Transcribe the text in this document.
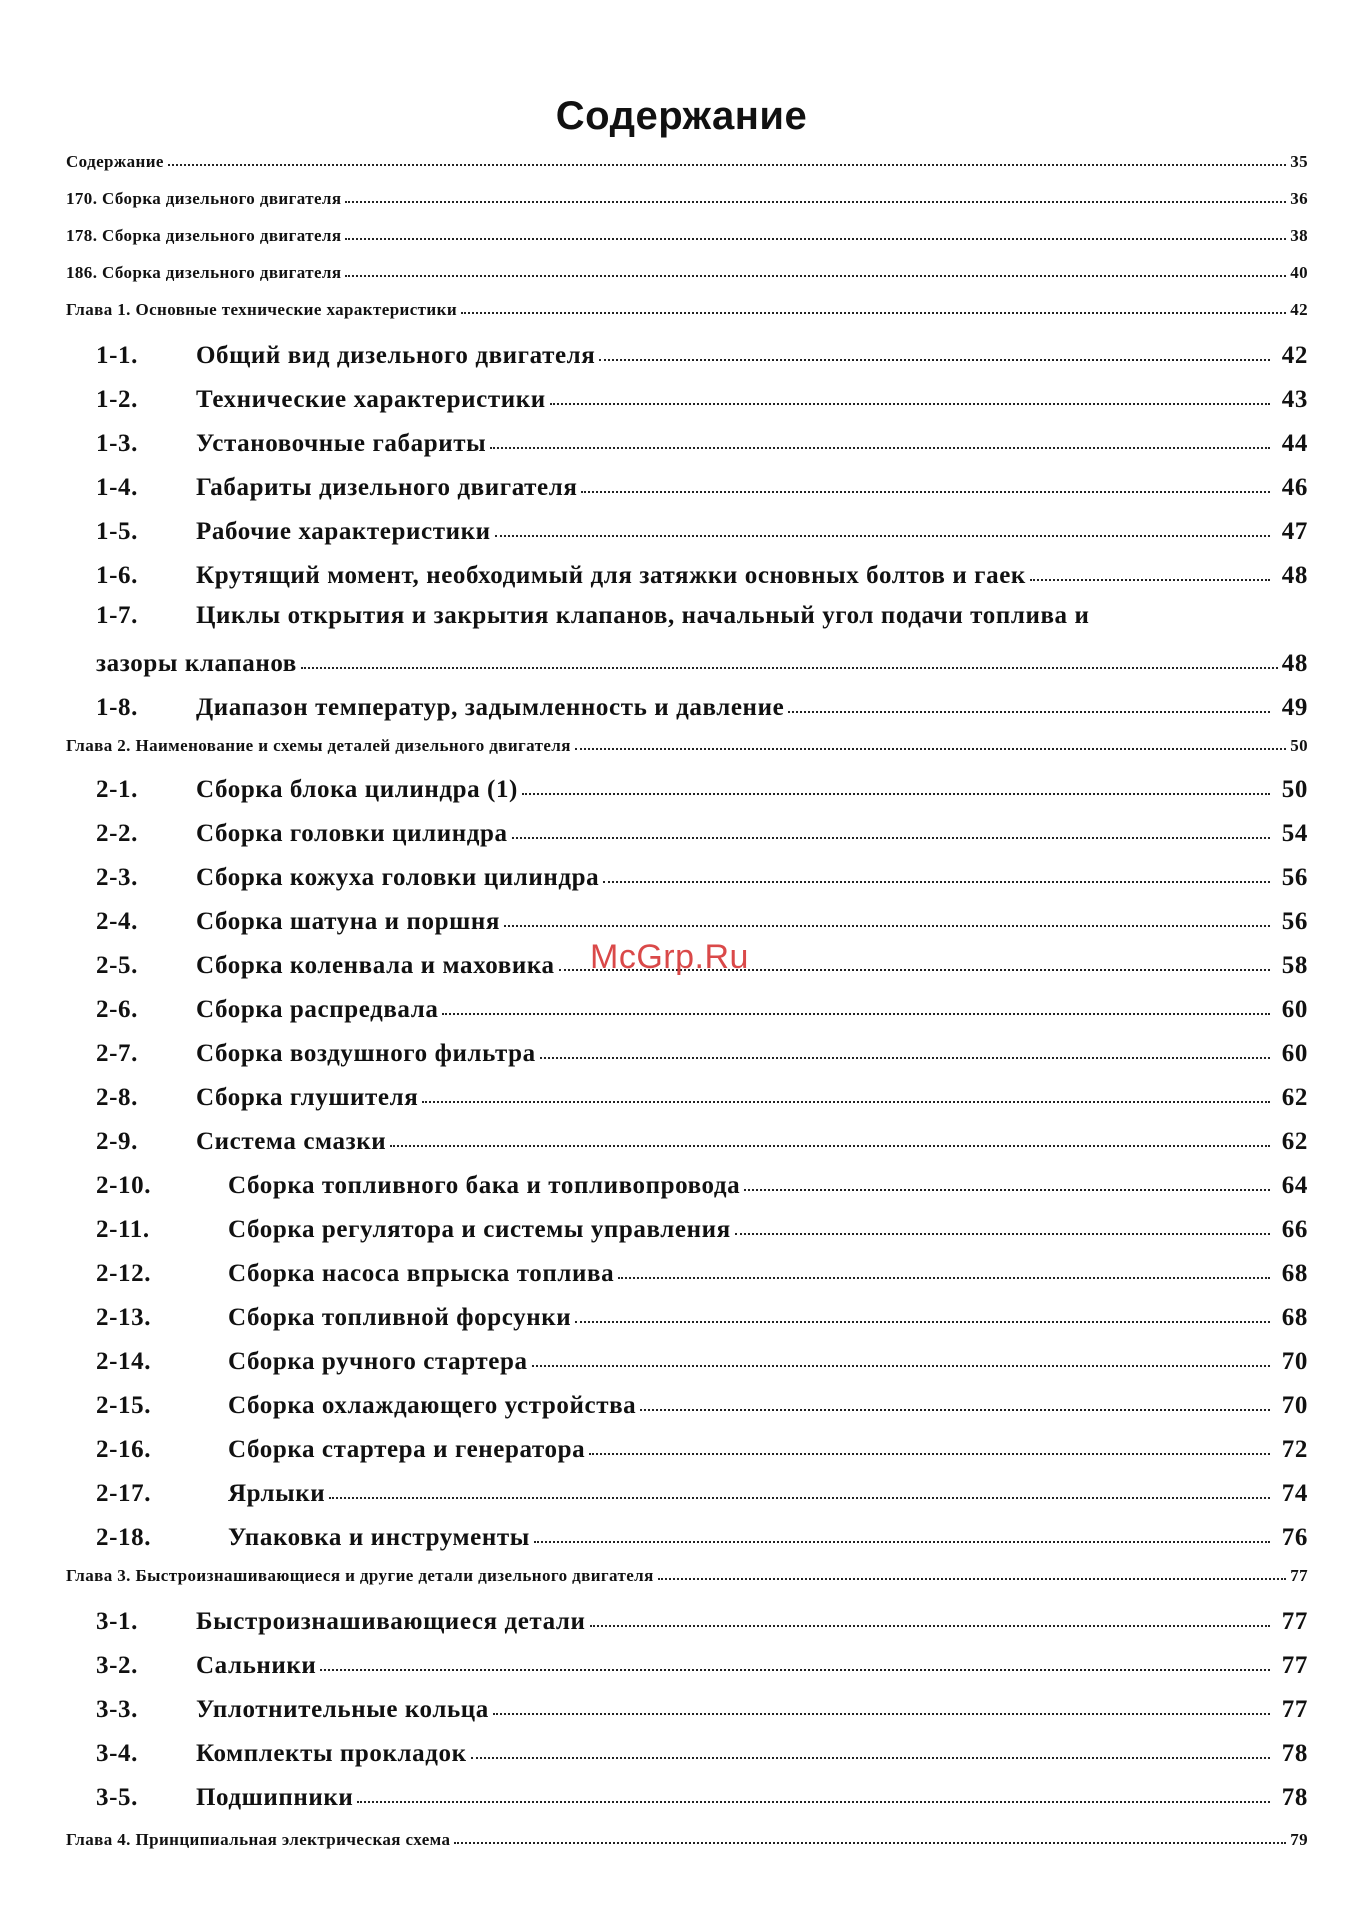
Содержание
Содержание	35
170. Сборка дизельного двигателя	36
178. Сборка дизельного двигателя	38
186. Сборка дизельного двигателя	40
Глава 1. Основные технические характеристики	42
1-1.	Общий вид дизельного двигателя	42
1-2.	Технические характеристики	43
1-3.	Установочные габариты	44
1-4.	Габариты дизельного двигателя	46
1-5.	Рабочие характеристики	47
1-6.	Крутящий момент, необходимый для затяжки основных болтов и гаек	48
1-7.	Циклы открытия и закрытия клапанов, начальный угол подачи топлива и
зазоры клапанов	48
1-8.	Диапазон температур, задымленность и давление	49
Глава 2. Наименование и схемы деталей дизельного двигателя	50
2-1.	Сборка блока цилиндра (1)	50
2-2.	Сборка головки цилиндра	54
2-3.	Сборка кожуха головки цилиндра	56
2-4.	Сборка шатуна и поршня	56
2-5.	Сборка коленвала и маховика	58
2-6.	Сборка распредвала	60
2-7.	Сборка воздушного фильтра	60
2-8.	Сборка глушителя	62
2-9.	Система смазки	62
2-10.	Сборка топливного бака и топливопровода	64
2-11.	Сборка регулятора и системы управления	66
2-12.	Сборка насоса впрыска топлива	68
2-13.	Сборка топливной форсунки	68
2-14.	Сборка ручного стартера	70
2-15.	Сборка охлаждающего устройства	70
2-16.	Сборка стартера и генератора	72
2-17.	Ярлыки	74
2-18.	Упаковка и инструменты	76
Глава 3. Быстроизнашивающиеся и другие детали дизельного двигателя	77
3-1.	Быстроизнашивающиеся детали	77
3-2.	Сальники	77
3-3.	Уплотнительные кольца	77
3-4.	Комплекты прокладок	78
3-5.	Подшипники	78
Глава 4. Принципиальная электрическая схема	79
McGrp.Ru
